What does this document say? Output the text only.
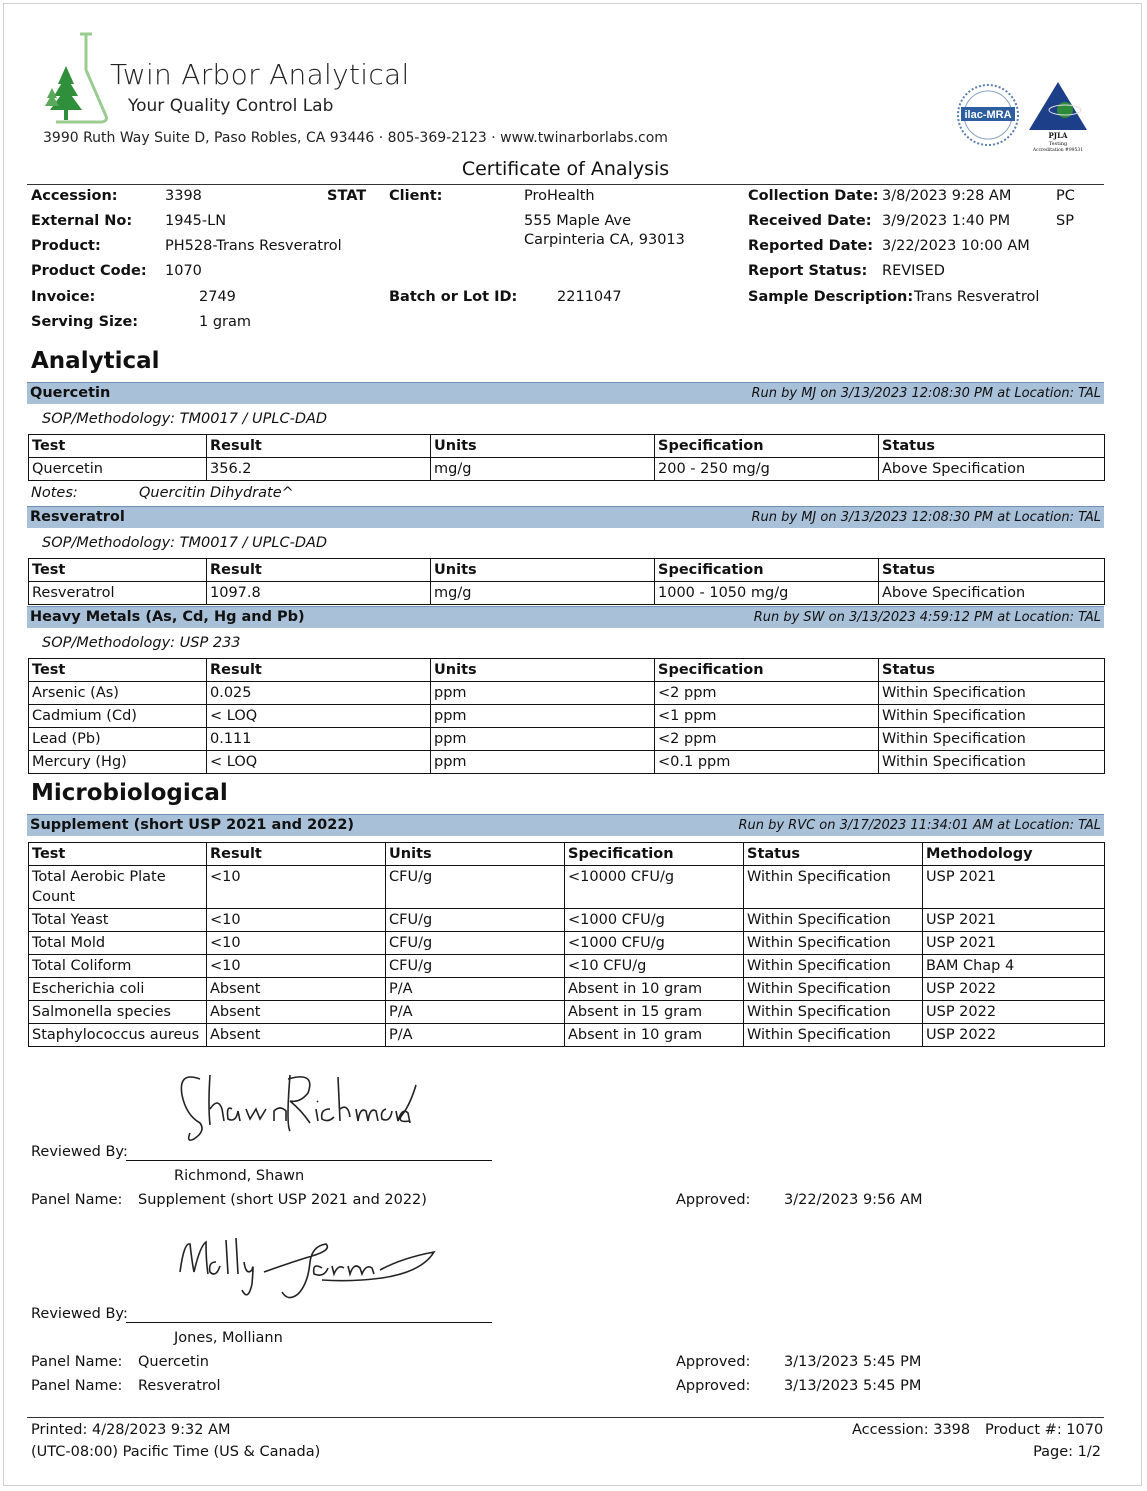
Twin Arbor Analytical
Your Quality Control Lab
3990 Ruth Way Suite D, Paso Robles, CA 93446 · 805-369-2123 · www.twinarborlabs.com
ilac-MRA
PJLA
Testing
Accreditation #99531
Certificate of Analysis
Accession:	3398	STAT
External No: 1945-LN
Product:	PH528-Trans Resveratrol
Product Code: 1070
Invoice:	2749
Serving Size:	1 gram
Client:	ProHealth
555 Maple Ave
Carpinteria CA, 93013
Batch or Lot ID:	2211047
Collection Date: 3/8/2023 9:28 AM	PC
Received Date: 3/9/2023 1:40 PM	SP
Reported Date: 3/22/2023 10:00 AM
Report Status: REVISED
Sample Description: Trans Resveratrol
Analytical
Quercetin	Run by MJ on 3/13/2023 12:08:30 PM at Location: TAL
SOP/Methodology: TM0017 / UPLC-DAD
Test	Result	Units	Specification	Status
Quercetin	356.2	mg/g	200 - 250 mg/g	Above Specification
Notes:	Quercitin Dihydrate^
Resveratrol	Run by MJ on 3/13/2023 12:08:30 PM at Location: TAL
SOP/Methodology: TM0017 / UPLC-DAD
Test	Result	Units	Specification	Status
Resveratrol	1097.8	mg/g	1000 - 1050 mg/g	Above Specification
Heavy Metals (As, Cd, Hg and Pb)	Run by SW on 3/13/2023 4:59:12 PM at Location: TAL
SOP/Methodology: USP 233
Test	Result	Units	Specification	Status
Arsenic (As)	0.025	ppm	<2 ppm	Within Specification
Cadmium (Cd)	< LOQ	ppm	<1 ppm	Within Specification
Lead (Pb)	0.111	ppm	<2 ppm	Within Specification
Mercury (Hg)	< LOQ	ppm	<0.1 ppm	Within Specification
Microbiological
Supplement (short USP 2021 and 2022)	Run by RVC on 3/17/2023 11:34:01 AM at Location: TAL
Test	Result	Units	Specification	Status	Methodology
Total Aerobic Plate Count	<10	CFU/g	<10000 CFU/g	Within Specification	USP 2021
Total Yeast	<10	CFU/g	<1000 CFU/g	Within Specification	USP 2021
Total Mold	<10	CFU/g	<1000 CFU/g	Within Specification	USP 2021
Total Coliform	<10	CFU/g	<10 CFU/g	Within Specification	BAM Chap 4
Escherichia coli	Absent	P/A	Absent in 10 gram	Within Specification	USP 2022
Salmonella species	Absent	P/A	Absent in 15 gram	Within Specification	USP 2022
Staphylococcus aureus	Absent	P/A	Absent in 10 gram	Within Specification	USP 2022
Reviewed By:
Richmond, Shawn
Panel Name: Supplement (short USP 2021 and 2022)	Approved: 3/22/2023 9:56 AM
Reviewed By:
Jones, Molliann
Panel Name: Quercetin	Approved: 3/13/2023 5:45 PM
Panel Name: Resveratrol	Approved: 3/13/2023 5:45 PM
Printed: 4/28/2023 9:32 AM
(UTC-08:00) Pacific Time (US & Canada)
Accession: 3398 Product #: 1070
Page: 1/2
